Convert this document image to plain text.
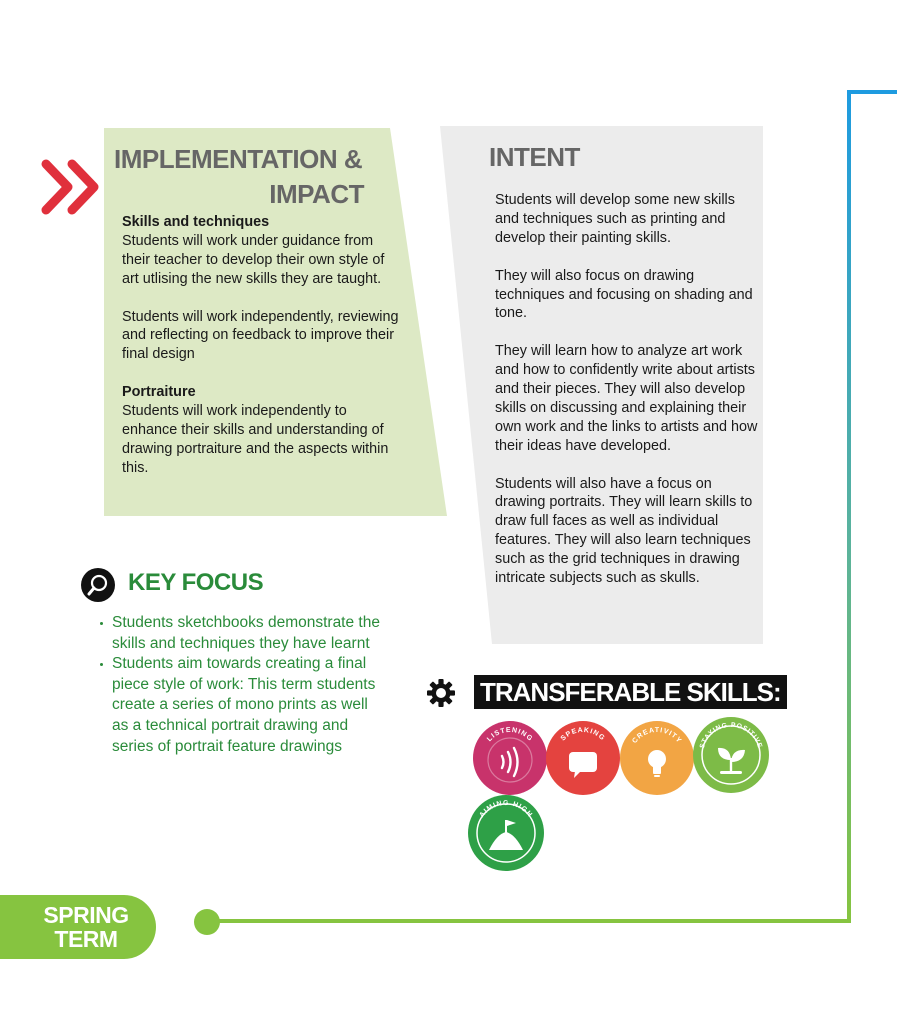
IMPLEMENTATION &
IMPACT
Skills and techniques
Students will work under guidance from their teacher to develop their own style of art utlising the new skills they are taught.
Students will work independently, reviewing and reflecting on feedback to improve their final design
Portraiture
Students will work independently to enhance their skills and understanding of drawing portraiture and the aspects within this.
INTENT
Students will develop some new skills and techniques such as printing and develop their painting skills.
They will also focus on drawing techniques and focusing on shading and tone.
They will learn how to analyze art work and how to confidently write about artists and their pieces. They will also develop skills on discussing and explaining their own work and the links to artists and how their ideas have developed.
Students will also have a focus on drawing portraits. They will learn skills to draw full faces as well as individual features. They will also learn techniques such as the grid techniques in drawing intricate subjects such as skulls.
KEY FOCUS
Students sketchbooks demonstrate the skills and techniques they have learnt
Students aim towards creating a final piece style of work: This term students create a series of mono prints as well as a technical portrait drawing and series of portrait feature drawings
TRANSFERABLE SKILLS:
LISTENING	SPEAKING	CREATIVITY
STAYING POSITIVE
AIMING HIGH
SPRING
TERM
